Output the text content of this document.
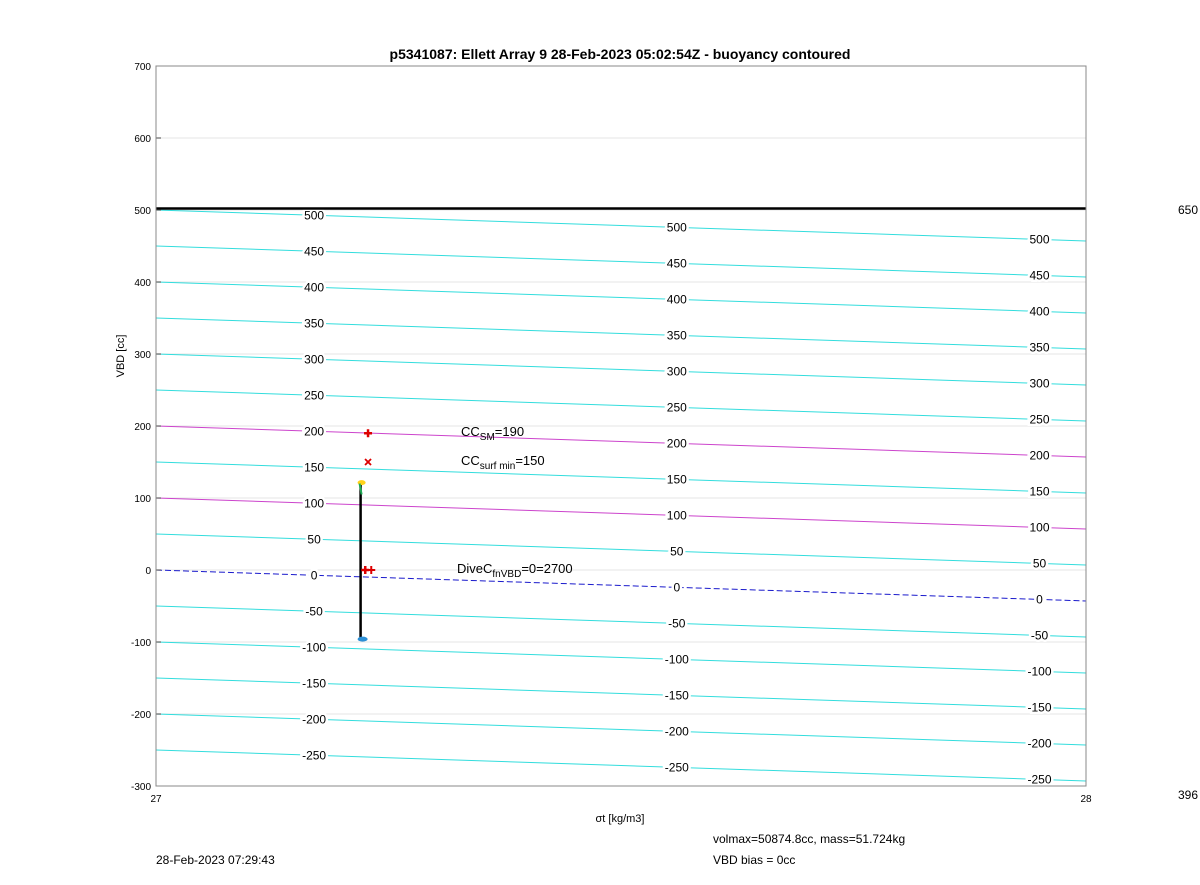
-250
-250
-250
-200
-200
-200
-150
-150
-150
-100
-100
-100
-50
-50
-50
0
0
0
50
50
50
100
100
100
150
150
150
200
200
200
250
250
250
300
300
300
350
350
350
400
400
400
450
450
450
500
500
500
$CC_{SM}=190$
$CC_{surf min}=150$
DiveC$_{fnVBD}$=0=2700
-300
-200
-100
0
100
200
300
400
500
600
700
27	28
VBD [cc]
σt [kg/m3]
p5341087: Ellett Array 9 28-Feb-2023 05:02:54Z - buoyancy contoured
28-Feb-2023 07:29:43
volmax=50874.8cc, mass=51.724kg
VBD bias = 0cc
650
396
